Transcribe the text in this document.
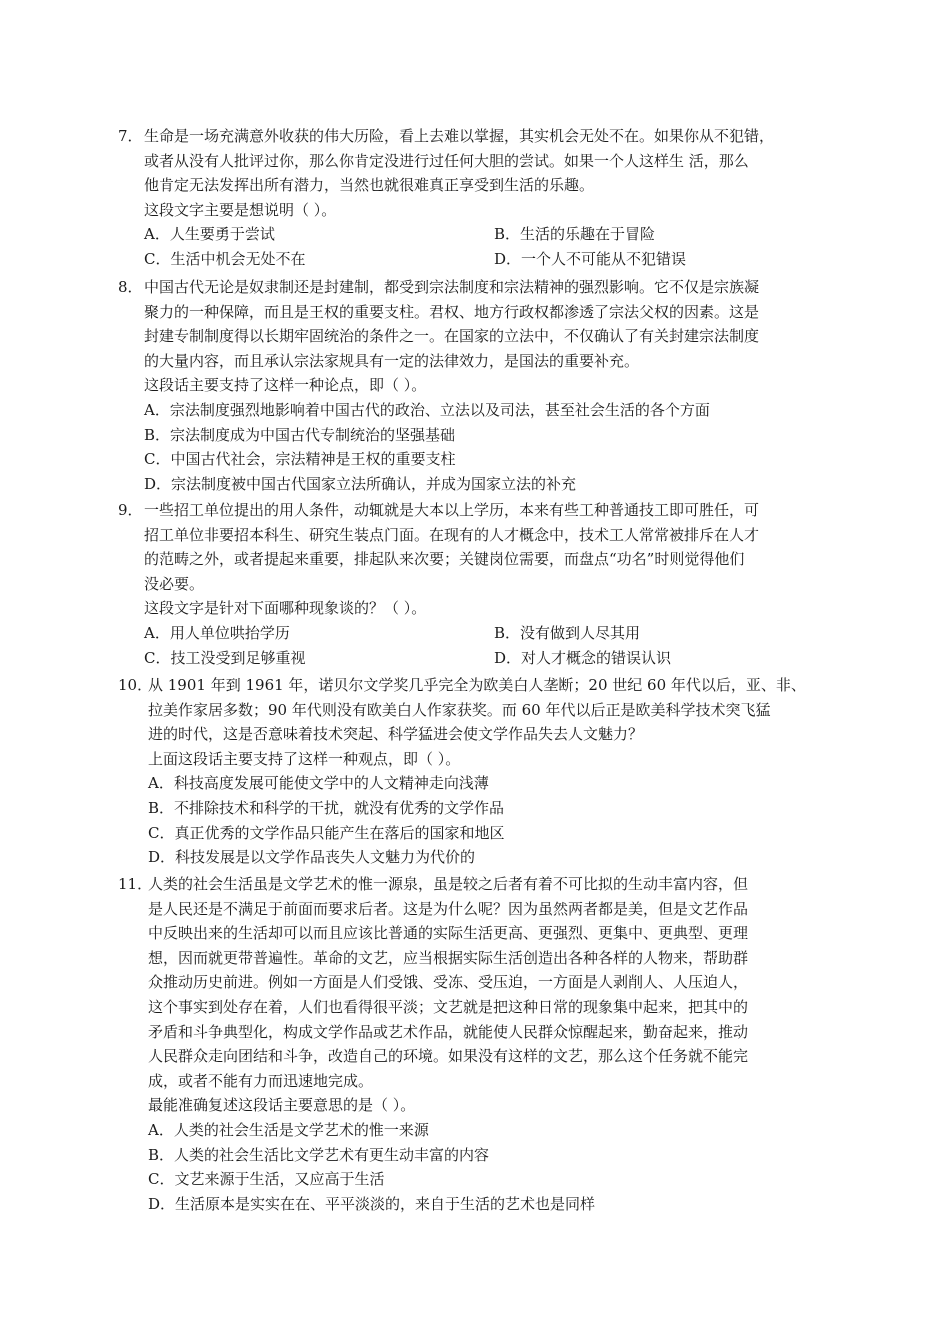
7． 生命是一场充满意外收获的伟大历险，看上去难以掌握，其实机会无处不在。如果你从不犯错，
或者从没有人批评过你，那么你肯定没进行过任何大胆的尝试。如果一个人这样生 活，那么
他肯定无法发挥出所有潜力，当然也就很难真正享受到生活的乐趣。
这段文字主要是想说明（ ）。
A．人生要勇于尝试	B．生活的乐趣在于冒险
C．生活中机会无处不在	D．一个人不可能从不犯错误
8． 中国古代无论是奴隶制还是封建制，都受到宗法制度和宗法精神的强烈影响。它不仅是宗族凝
聚力的一种保障，而且是王权的重要支柱。君权、地方行政权都渗透了宗法父权的因素。这是
封建专制制度得以长期牢固统治的条件之一。在国家的立法中，不仅确认了有关封建宗法制度
的大量内容，而且承认宗法家规具有一定的法律效力，是国法的重要补充。
这段话主要支持了这样一种论点，即（ ）。
A．宗法制度强烈地影响着中国古代的政治、立法以及司法，甚至社会生活的各个方面
B．宗法制度成为中国古代专制统治的坚强基础
C．中国古代社会，宗法精神是王权的重要支柱
D．宗法制度被中国古代国家立法所确认，并成为国家立法的补充
9． 一些招工单位提出的用人条件，动辄就是大本以上学历，本来有些工种普通技工即可胜任，可
招工单位非要招本科生、研究生装点门面。在现有的人才概念中，技术工人常常被排斥在人才
的范畴之外，或者提起来重要，排起队来次要；关键岗位需要，而盘点“功名”时则觉得他们
没必要。
这段文字是针对下面哪种现象谈的？（ ）。
A．用人单位哄抬学历	B．没有做到人尽其用
C．技工没受到足够重视	D．对人才概念的错误认识
10．
从 1901 年到 1961 年，诺贝尔文学奖几乎完全为欧美白人垄断；20 世纪 60 年代以后，亚、非、
拉美作家居多数；90 年代则没有欧美白人作家获奖。而 60 年代以后正是欧美科学技术突飞猛
进的时代，这是否意味着技术突起、科学猛进会使文学作品失去人文魅力？
上面这段话主要支持了这样一种观点，即（ ）。
A．科技高度发展可能使文学中的人文精神走向浅薄
B．不排除技术和科学的干扰，就没有优秀的文学作品
C．真正优秀的文学作品只能产生在落后的国家和地区
D．科技发展是以文学作品丧失人文魅力为代价的
11．
人类的社会生活虽是文学艺术的惟一源泉，虽是较之后者有着不可比拟的生动丰富内容，但
是人民还是不满足于前面而要求后者。这是为什么呢？因为虽然两者都是美，但是文艺作品
中反映出来的生活却可以而且应该比普通的实际生活更高、更强烈、更集中、更典型、更理
想，因而就更带普遍性。革命的文艺，应当根据实际生活创造出各种各样的人物来，帮助群
众推动历史前进。例如一方面是人们受饿、受冻、受压迫，一方面是人剥削人、人压迫人，
这个事实到处存在着，人们也看得很平淡；文艺就是把这种日常的现象集中起来，把其中的
矛盾和斗争典型化，构成文学作品或艺术作品，就能使人民群众惊醒起来，勤奋起来，推动
人民群众走向团结和斗争，改造自己的环境。如果没有这样的文艺，那么这个任务就不能完
成，或者不能有力而迅速地完成。
最能准确复述这段话主要意思的是（ ）。
A．人类的社会生活是文学艺术的惟一来源
B．人类的社会生活比文学艺术有更生动丰富的内容
C．文艺来源于生活，又应高于生活
D．生活原本是实实在在、平平淡淡的，来自于生活的艺术也是同样
